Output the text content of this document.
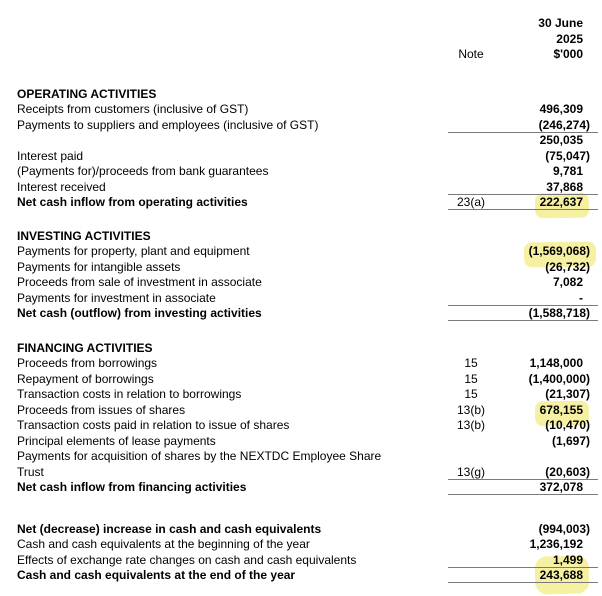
30 June
2025
Note	$'000
OPERATING ACTIVITIES
Receipts from customers (inclusive of GST)	496,309
Payments to suppliers and employees (inclusive of GST)	(246,274)
250,035
Interest paid	(75,047)
(Payments for)/proceeds from bank guarantees	9,781
Interest received	37,868
Net cash inflow from operating activities	23(a)	222,637
INVESTING ACTIVITIES
Payments for property, plant and equipment	(1,569,068)
Payments for intangible assets	(26,732)
Proceeds from sale of investment in associate	7,082
Payments for investment in associate	-
Net cash (outflow) from investing activities	(1,588,718)
FINANCING ACTIVITIES
Proceeds from borrowings	15	1,148,000
Repayment of borrowings	15	(1,400,000)
Transaction costs in relation to borrowings	15	(21,307)
Proceeds from issues of shares	13(b)	678,155
Transaction costs paid in relation to issue of shares	13(b)	(10,470)
Principal elements of lease payments	(1,697)
Payments for acquisition of shares by the NEXTDC Employee Share
Trust	13(g)	(20,603)
Net cash inflow from financing activities	372,078
Net (decrease) increase in cash and cash equivalents	(994,003)
Cash and cash equivalents at the beginning of the year	1,236,192
Effects of exchange rate changes on cash and cash equivalents	1,499
Cash and cash equivalents at the end of the year	243,688
